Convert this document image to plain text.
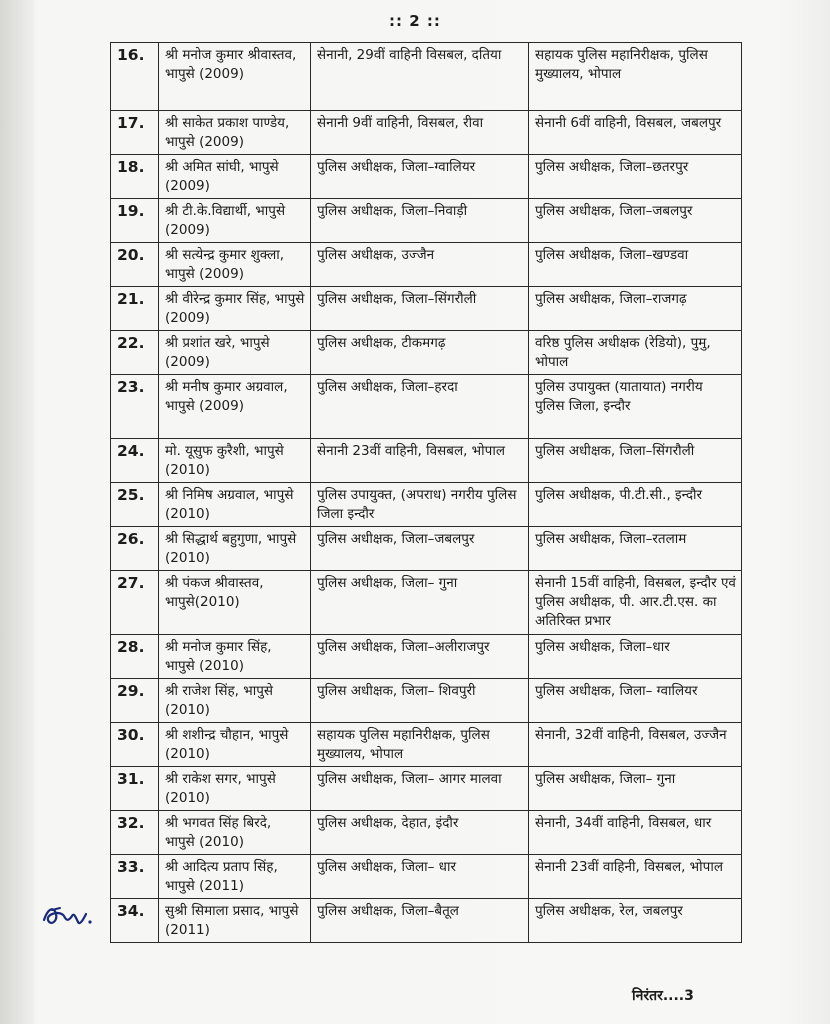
:: 2 ::
16.	श्री मनोज कुमार श्रीवास्तव, भापुसे (2009)	सेनानी, 29वीं वाहिनी विसबल, दतिया	सहायक पुलिस महानिरीक्षक, पुलिस मुख्यालय, भोपाल
17.	श्री साकेत प्रकाश पाण्डेय, भापुसे (2009)	सेनानी 9वीं वाहिनी, विसबल, रीवा	सेनानी 6वीं वाहिनी, विसबल, जबलपुर
18.	श्री अमित सांघी, भापुसे (2009)	पुलिस अधीक्षक, जिला–ग्वालियर	पुलिस अधीक्षक, जिला–छतरपुर
19.	श्री टी.के.विद्यार्थी, भापुसे (2009)	पुलिस अधीक्षक, जिला–निवाड़ी	पुलिस अधीक्षक, जिला–जबलपुर
20.	श्री सत्येन्द्र कुमार शुक्ला, भापुसे (2009)	पुलिस अधीक्षक, उज्जैन	पुलिस अधीक्षक, जिला–खण्डवा
21.	श्री वीरेन्द्र कुमार सिंह, भापुसे (2009)	पुलिस अधीक्षक, जिला–सिंगरौली	पुलिस अधीक्षक, जिला–राजगढ़
22.	श्री प्रशांत खरे, भापुसे (2009)	पुलिस अधीक्षक, टीकमगढ़	वरिष्ठ पुलिस अधीक्षक (रेडियो), पुमु, भोपाल
23.	श्री मनीष कुमार अग्रवाल, भापुसे (2009)	पुलिस अधीक्षक, जिला–हरदा	पुलिस उपायुक्त (यातायात) नगरीय पुलिस जिला, इन्दौर
24.	मो. यूसुफ कुरैशी, भापुसे (2010)	सेनानी 23वीं वाहिनी, विसबल, भोपाल	पुलिस अधीक्षक, जिला–सिंगरौली
25.	श्री निमिष अग्रवाल, भापुसे (2010)	पुलिस उपायुक्त, (अपराध) नगरीय पुलिस जिला इन्दौर	पुलिस अधीक्षक, पी.टी.सी., इन्दौर
26.	श्री सिद्धार्थ बहुगुणा, भापुसे (2010)	पुलिस अधीक्षक, जिला–जबलपुर	पुलिस अधीक्षक, जिला–रतलाम
27.	श्री पंकज श्रीवास्तव, भापुसे(2010)	पुलिस अधीक्षक, जिला– गुना	सेनानी 15वीं वाहिनी, विसबल, इन्दौर एवं पुलिस अधीक्षक, पी. आर.टी.एस. का अतिरिक्त प्रभार
28.	श्री मनोज कुमार सिंह, भापुसे (2010)	पुलिस अधीक्षक, जिला–अलीराजपुर	पुलिस अधीक्षक, जिला–धार
29.	श्री राजेश सिंह, भापुसे (2010)	पुलिस अधीक्षक, जिला– शिवपुरी	पुलिस अधीक्षक, जिला– ग्वालियर
30.	श्री शशीन्द्र चौहान, भापुसे (2010)	सहायक पुलिस महानिरीक्षक, पुलिस मुख्यालय, भोपाल	सेनानी, 32वीं वाहिनी, विसबल, उज्जैन
31.	श्री राकेश सगर, भापुसे (2010)	पुलिस अधीक्षक, जिला– आगर मालवा	पुलिस अधीक्षक, जिला– गुना
32.	श्री भगवत सिंह बिरदे, भापुसे (2010)	पुलिस अधीक्षक, देहात, इंदौर	सेनानी, 34वीं वाहिनी, विसबल, धार
33.	श्री आदित्य प्रताप सिंह, भापुसे (2011)	पुलिस अधीक्षक, जिला– धार	सेनानी 23वीं वाहिनी, विसबल, भोपाल
34.	सुश्री सिमाला प्रसाद, भापुसे (2011)	पुलिस अधीक्षक, जिला–बैतूल	पुलिस अधीक्षक, रेल, जबलपुर
निरंतर....3
